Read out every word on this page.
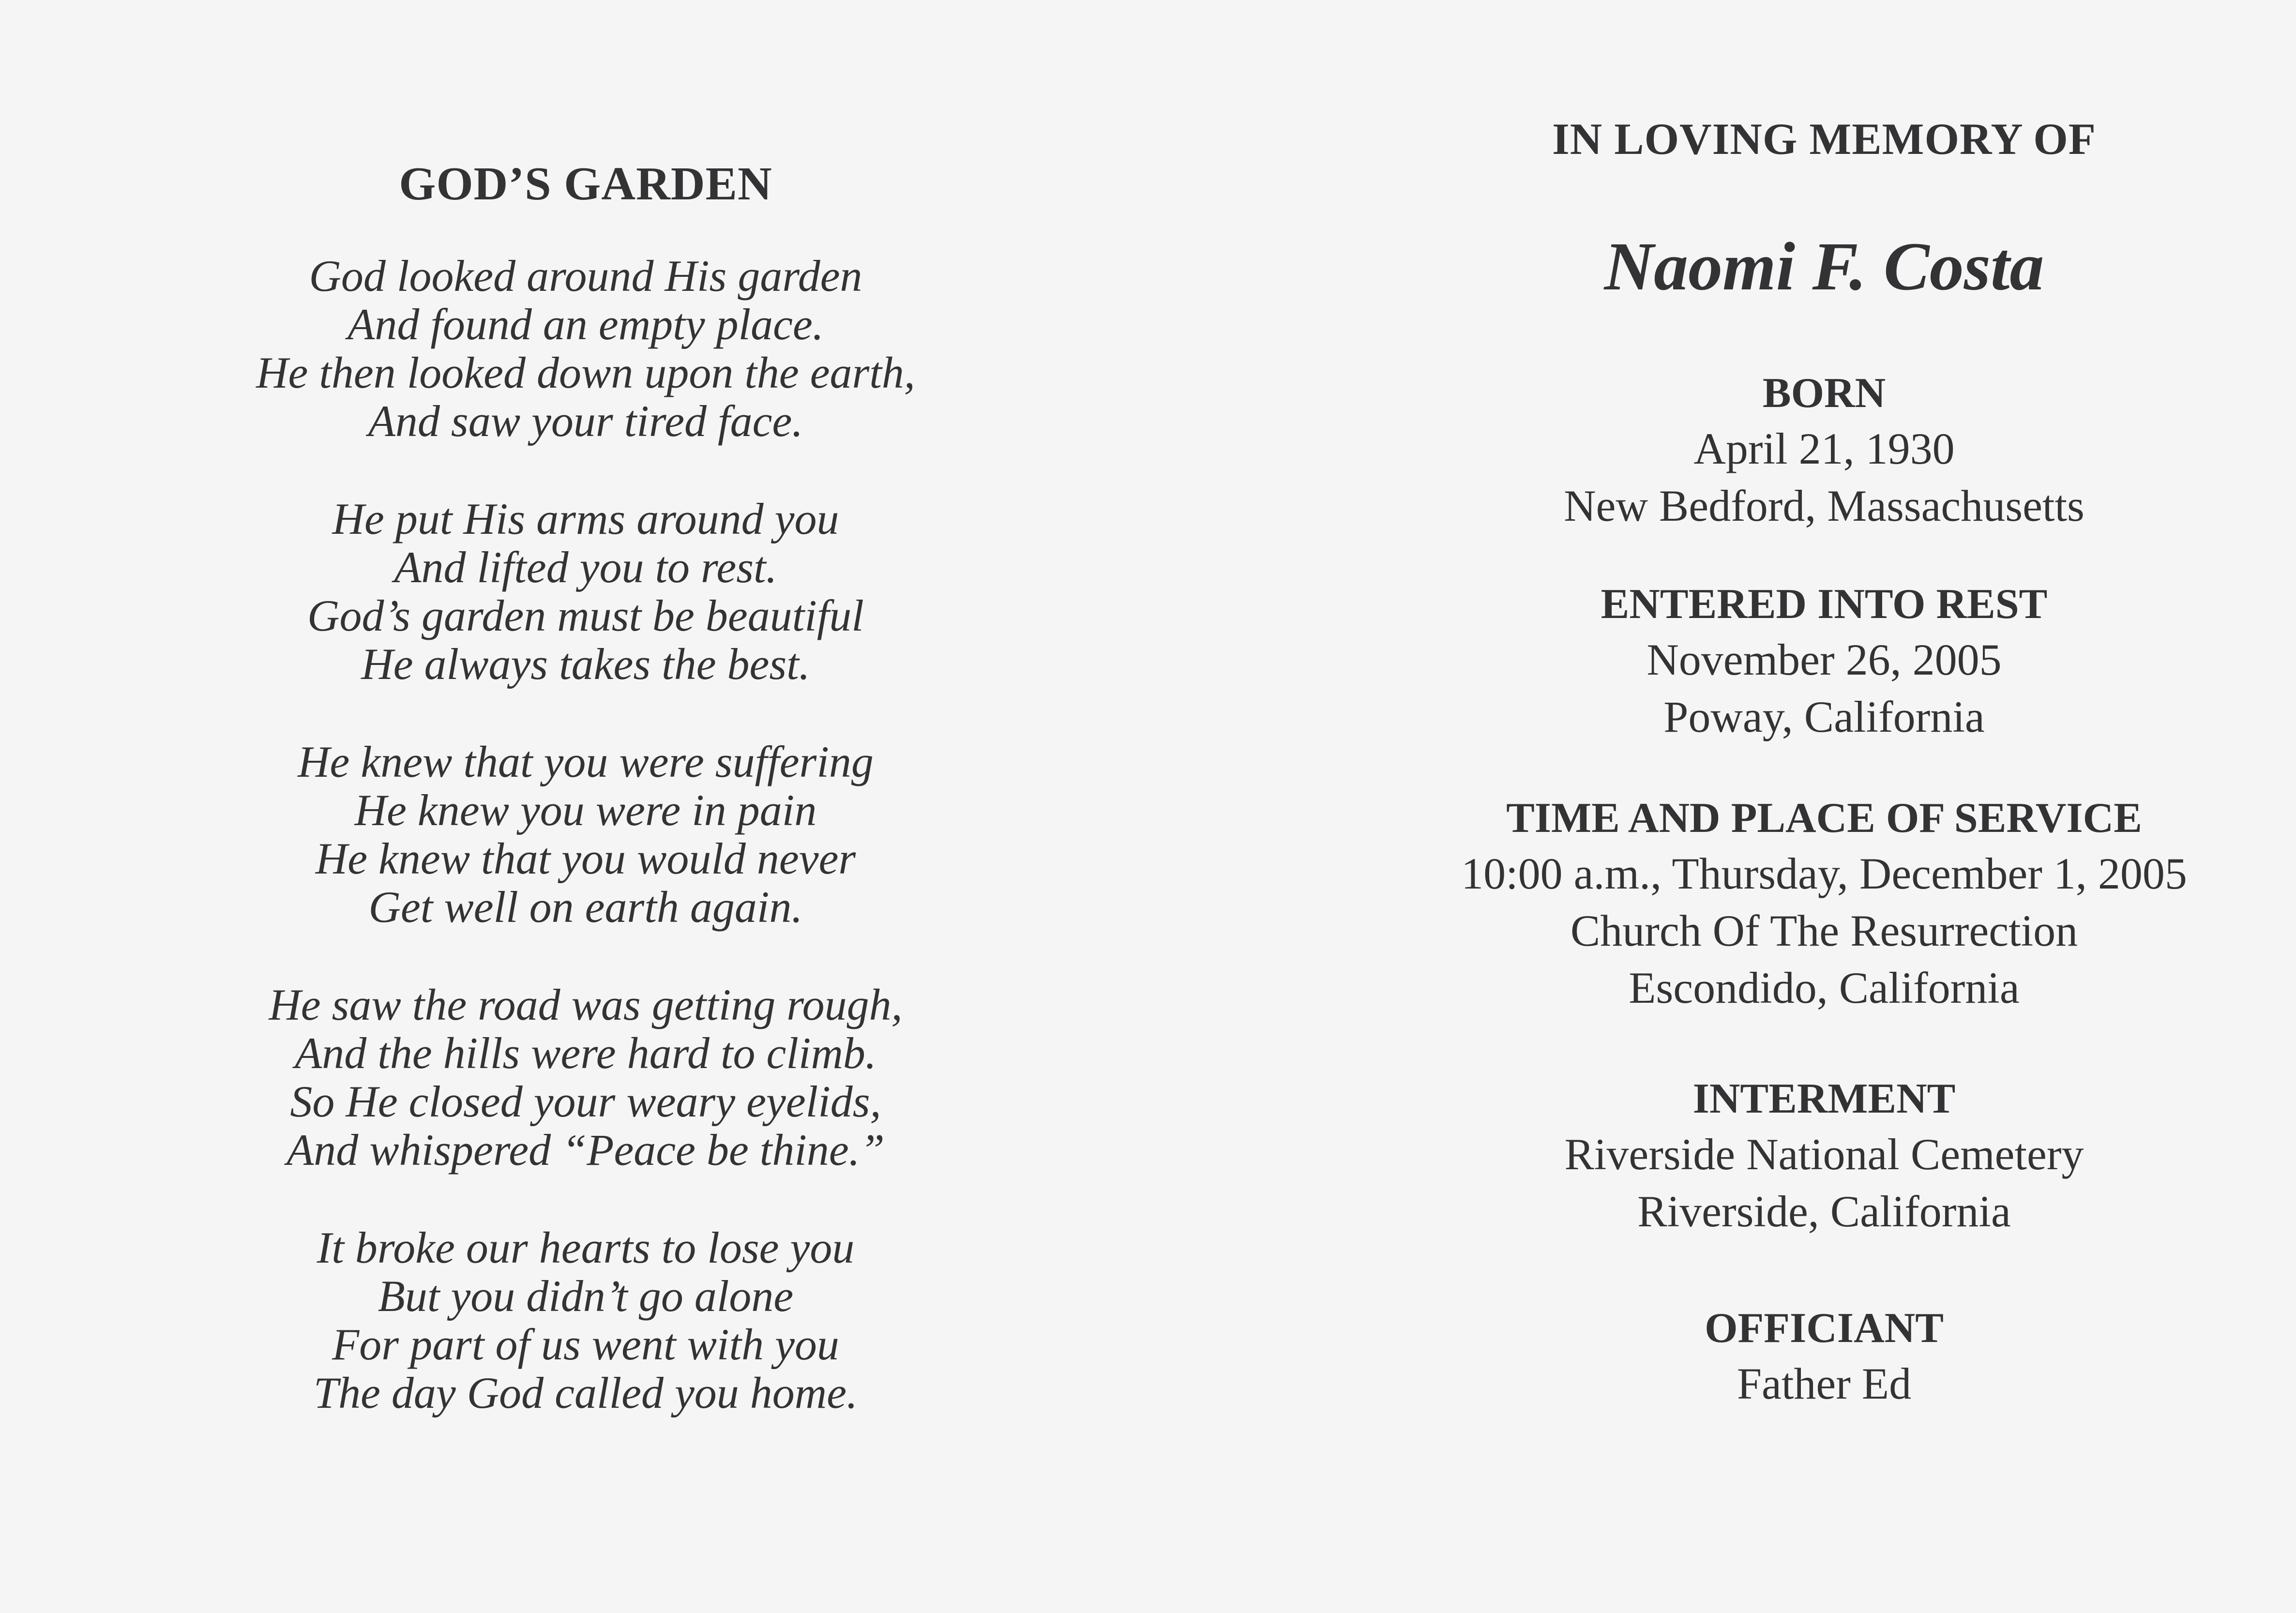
GOD’S GARDEN
God looked around His garden
And found an empty place.
He then looked down upon the earth,
And saw your tired face.
He put His arms around you
And lifted you to rest.
God’s garden must be beautiful
He always takes the best.
He knew that you were suffering
He knew you were in pain
He knew that you would never
Get well on earth again.
He saw the road was getting rough,
And the hills were hard to climb.
So He closed your weary eyelids,
And whispered “Peace be thine.”
It broke our hearts to lose you
But you didn’t go alone
For part of us went with you
The day God called you home.
IN LOVING MEMORY OF
Naomi F. Costa
BORN
April 21, 1930
New Bedford, Massachusetts
ENTERED INTO REST
November 26, 2005
Poway, California
TIME AND PLACE OF SERVICE
10:00 a.m., Thursday, December 1, 2005
Church Of The Resurrection
Escondido, California
INTERMENT
Riverside National Cemetery
Riverside, California
OFFICIANT
Father Ed
